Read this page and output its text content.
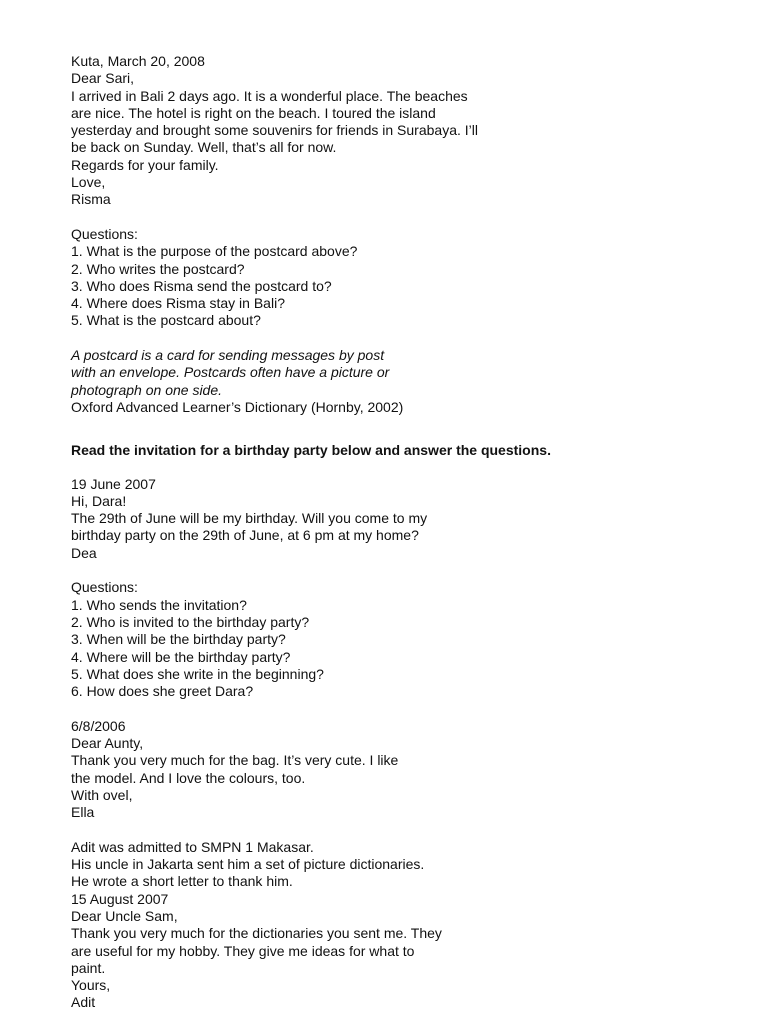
Kuta, March 20, 2008
Dear Sari,
I arrived in Bali 2 days ago. It is a wonderful place. The beaches
are nice. The hotel is right on the beach. I toured the island
yesterday and brought some souvenirs for friends in Surabaya. I’ll
be back on Sunday. Well, that’s all for now.
Regards for your family.
Love,
Risma
Questions:
1. What is the purpose of the postcard above?
2. Who writes the postcard?
3. Who does Risma send the postcard to?
4. Where does Risma stay in Bali?
5. What is the postcard about?
A postcard is a card for sending messages by post
with an envelope. Postcards often have a picture or
photograph on one side.
Oxford Advanced Learner’s Dictionary (Hornby, 2002)
Read the invitation for a birthday party below and answer the questions.
19 June 2007
Hi, Dara!
The 29th of June will be my birthday. Will you come to my
birthday party on the 29th of June, at 6 pm at my home?
Dea
Questions:
1. Who sends the invitation?
2. Who is invited to the birthday party?
3. When will be the birthday party?
4. Where will be the birthday party?
5. What does she write in the beginning?
6. How does she greet Dara?
6/8/2006
Dear Aunty,
Thank you very much for the bag. It’s very cute. I like
the model. And I love the colours, too.
With ovel,
Ella
Adit was admitted to SMPN 1 Makasar.
His uncle in Jakarta sent him a set of picture dictionaries.
He wrote a short letter to thank him.
15 August 2007
Dear Uncle Sam,
Thank you very much for the dictionaries you sent me. They
are useful for my hobby. They give me ideas for what to
paint.
Yours,
Adit
